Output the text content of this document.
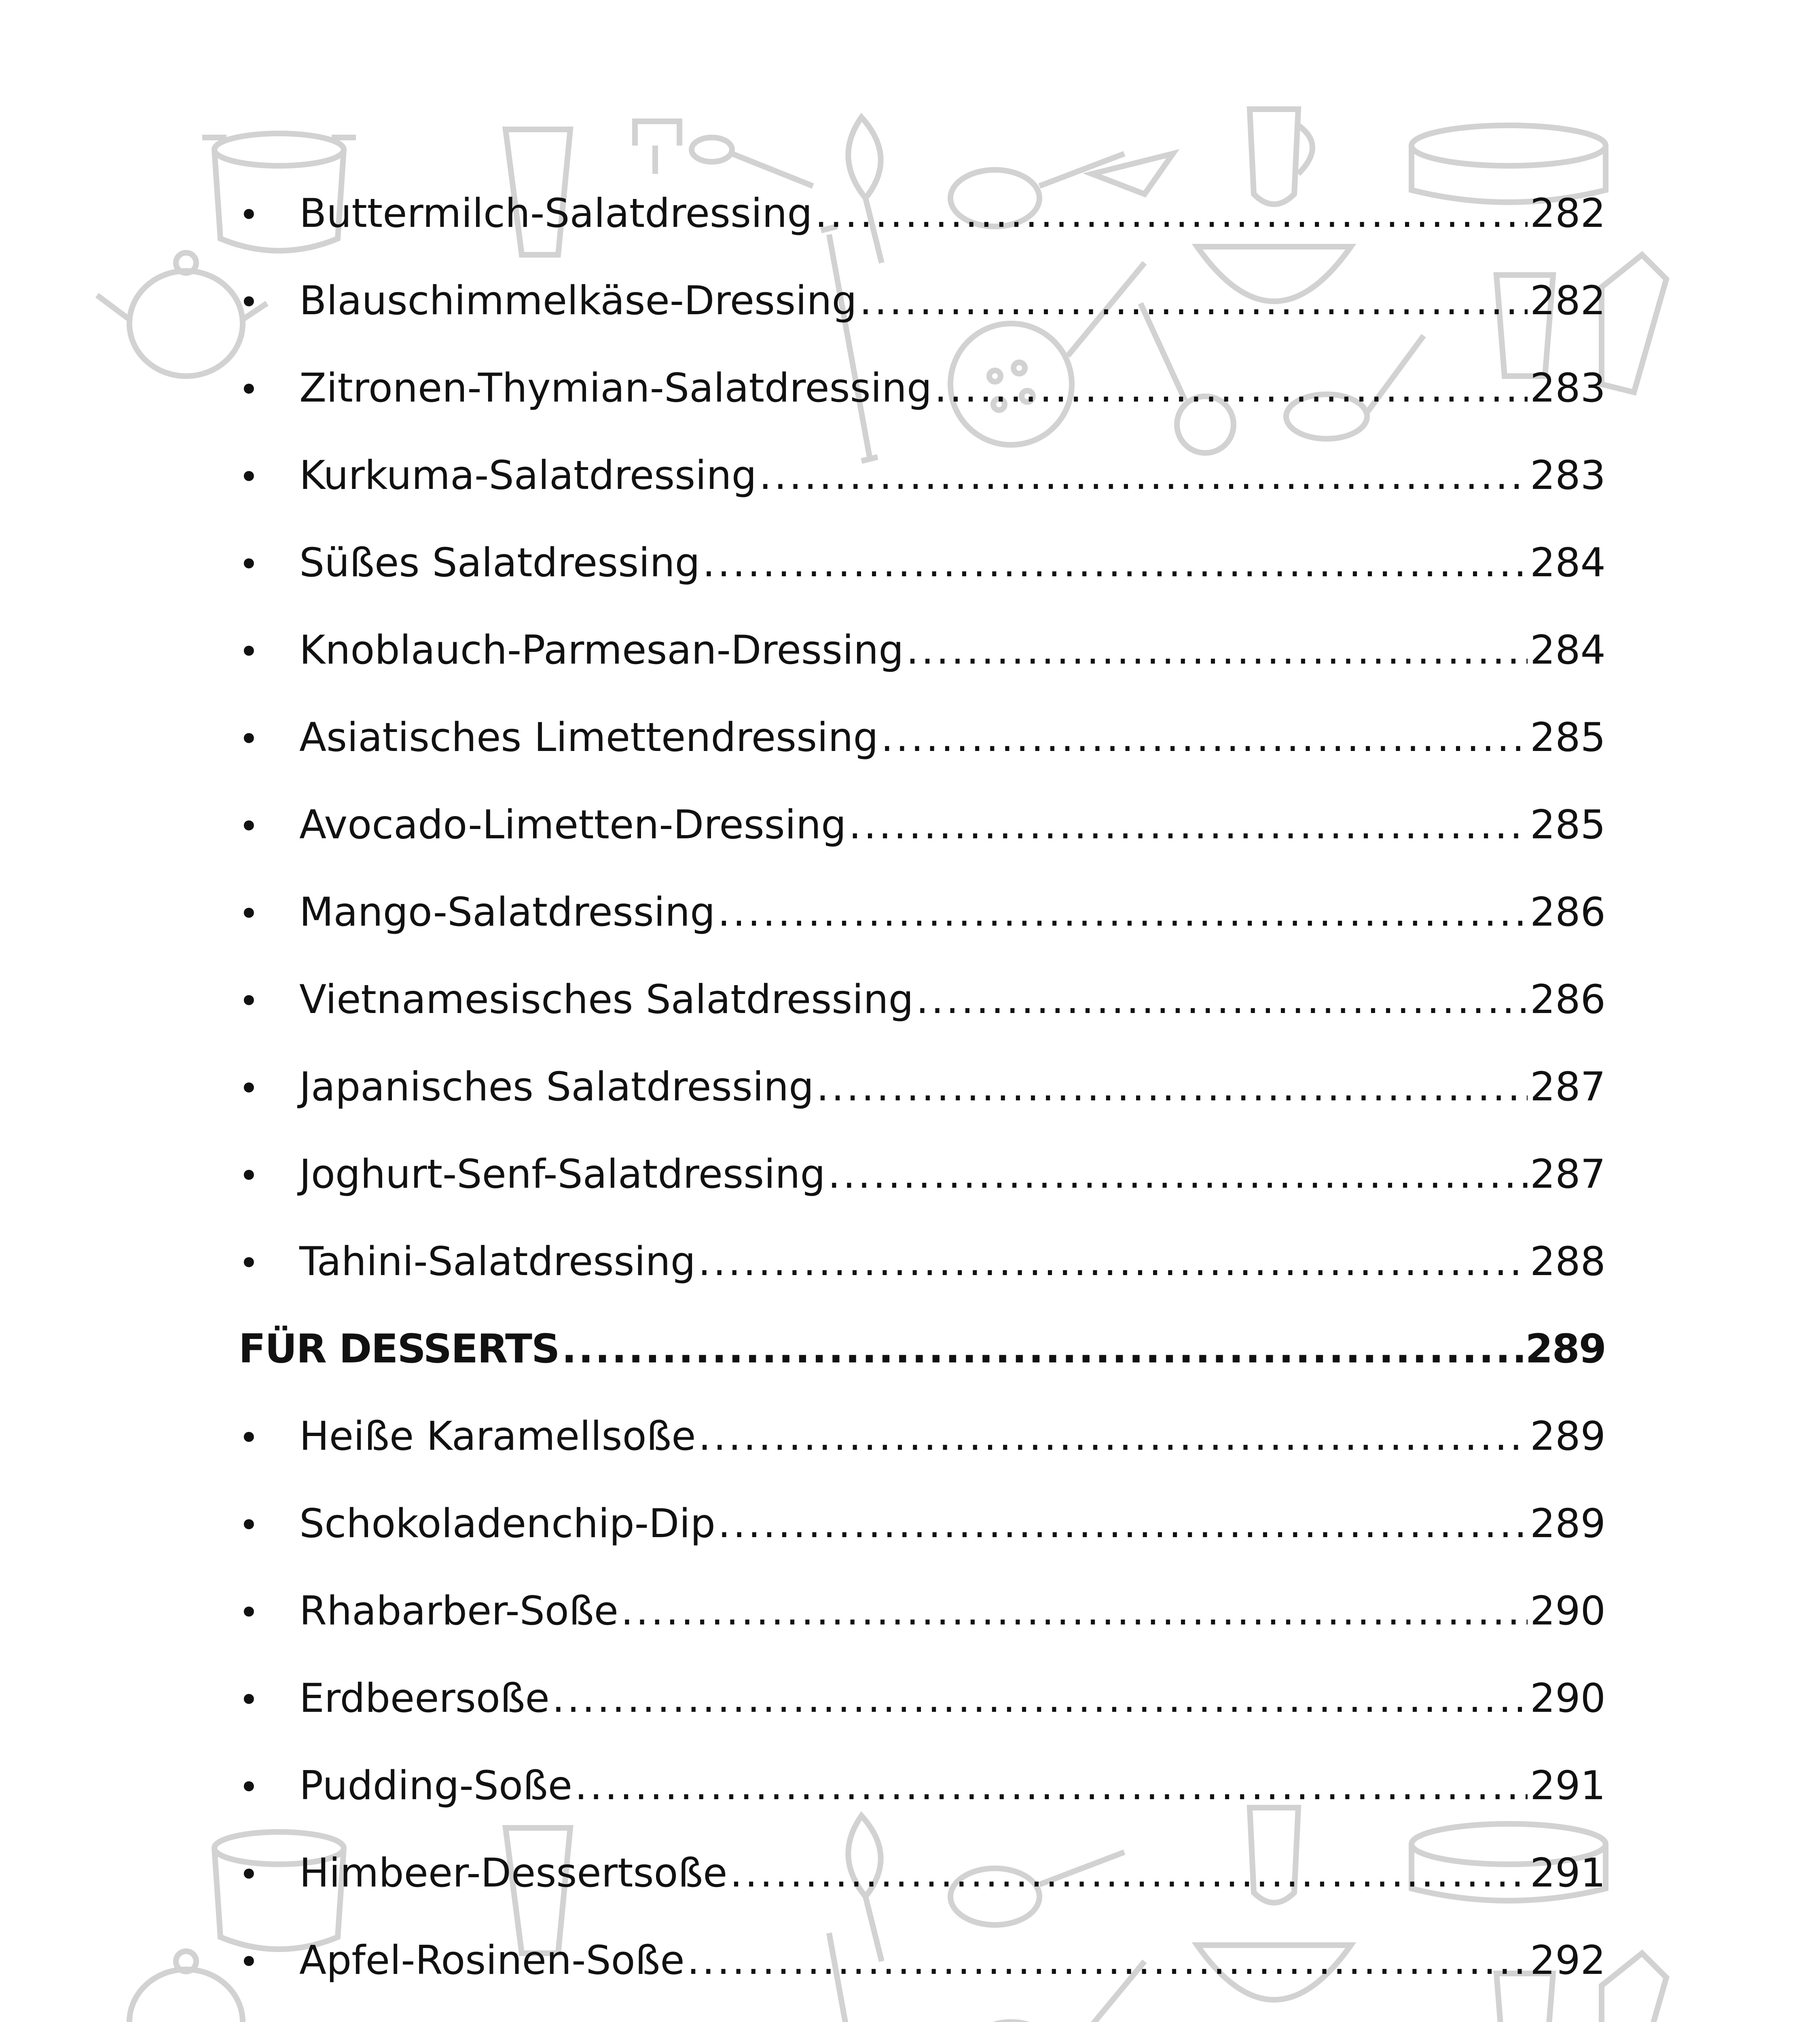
•	Buttermilch-Salatdressing .....	282
•	Blauschimmelkäse-Dressing .....	282
•	Zitronen-Thymian-Salatdressing .....	283
•	Kurkuma-Salatdressing .....	283
•	Süßes Salatdressing .....	284
•	Knoblauch-Parmesan-Dressing .....	284
•	Asiatisches Limettendressing .....	285
•	Avocado-Limetten-Dressing .....	285
•	Mango-Salatdressing .....	286
•	Vietnamesisches Salatdressing .....	286
•	Japanisches Salatdressing .....	287
•	Joghurt-Senf-Salatdressing .....	287
•	Tahini-Salatdressing .....	288
FÜR DESSERTS .....	289
•	Heiße Karamellsoße .....	289
•	Schokoladenchip-Dip .....	289
•	Rhabarber-Soße .....	290
•	Erdbeersoße .....	290
•	Pudding-Soße .....	291
•	Himbeer-Dessertsoße .....	291
•	Apfel-Rosinen-Soße .....	292
.....
